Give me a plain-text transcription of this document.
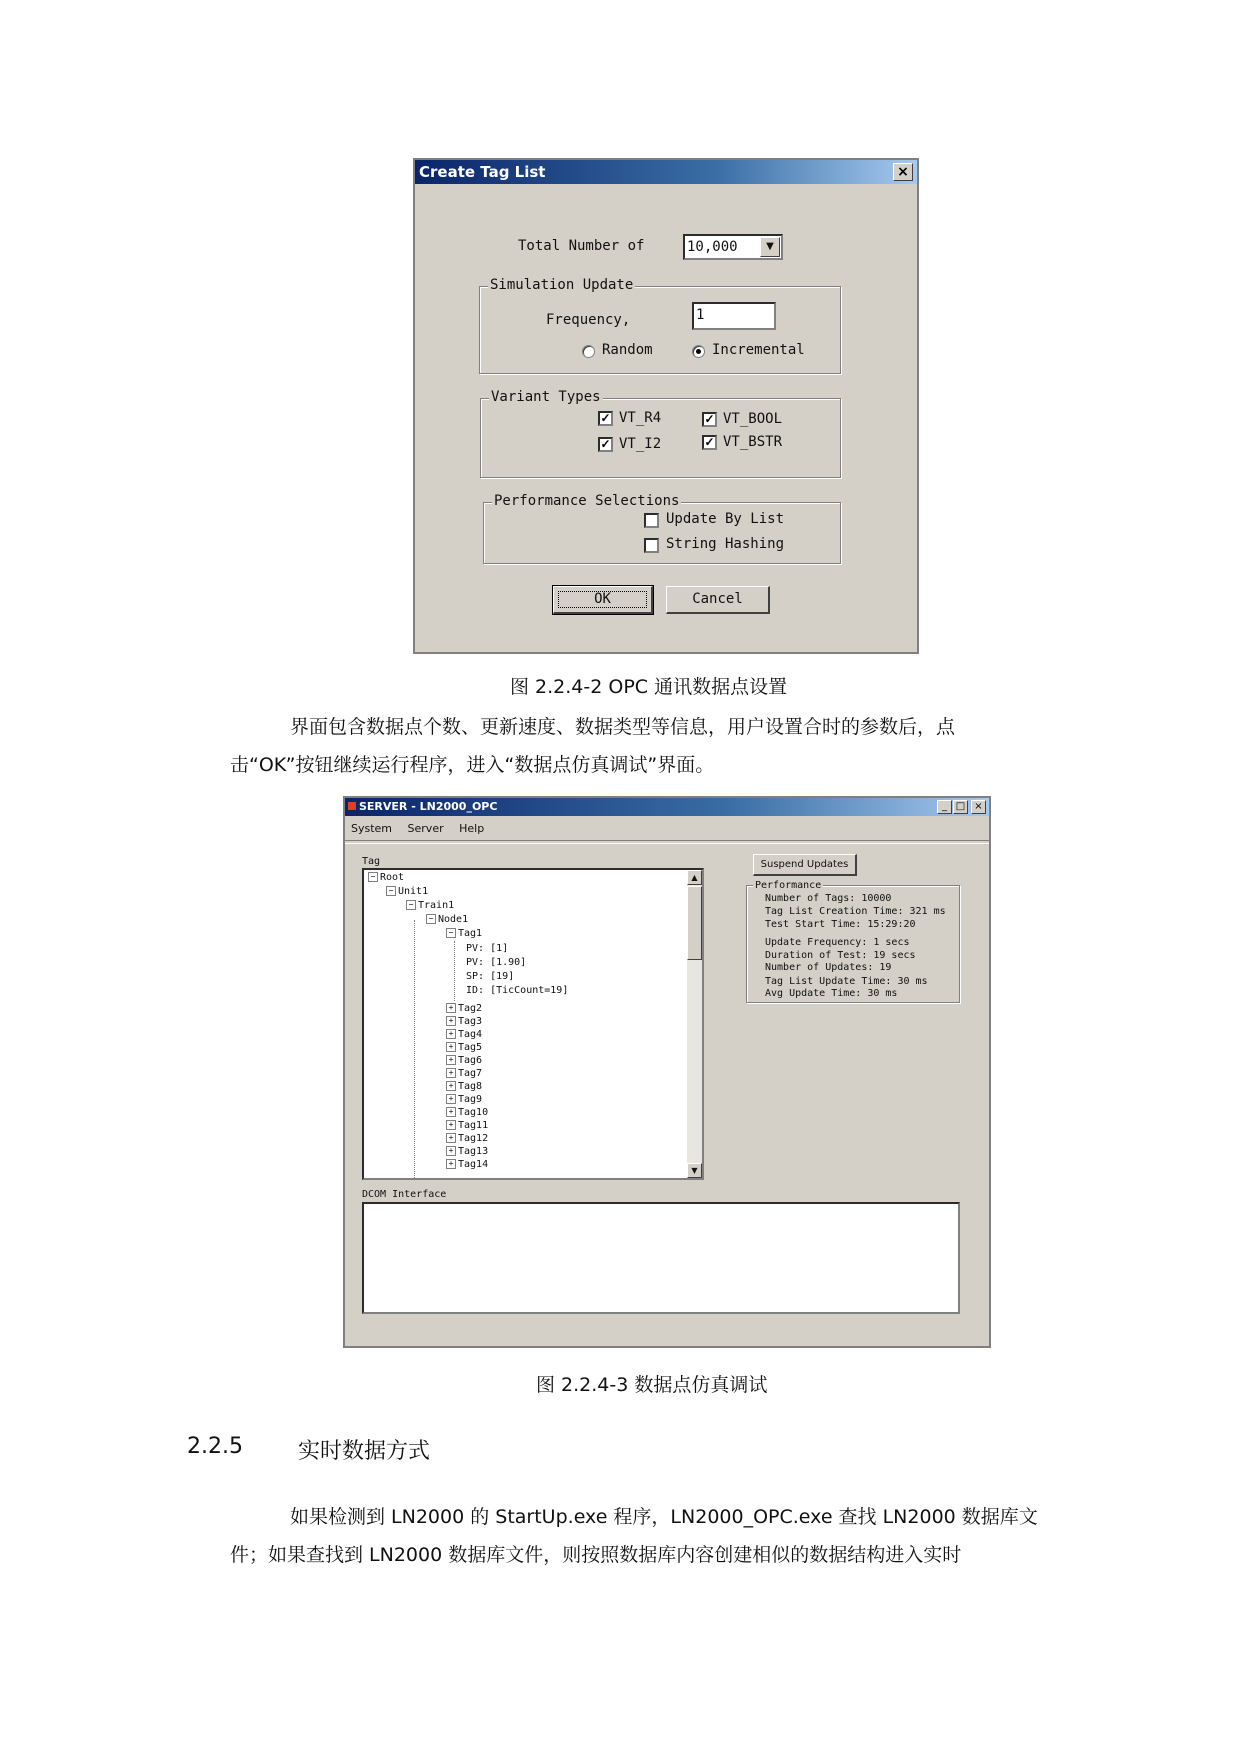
Create Tag List	×
Total Number of	10,000	▼
Simulation Update
Frequency,	1
Random	Incremental
Variant Types
✓ VT_R4	✓ VT_BOOL
✓ VT_I2	✓ VT_BSTR
Performance Selections
Update By List
String Hashing
OK	Cancel
图 2.2.4-2 OPC 通讯数据点设置
界面包含数据点个数、更新速度、数据类型等信息，用户设置合时的参数后，点
击“OK”按钮继续运行程序，进入“数据点仿真调试”界面。
SERVER - LN2000_OPC	_ □ ×
System Server Help
Tag
− Root
− Unit1
− Train1
− Node1
− Tag1
PV: [1]
PV: [1.90]
SP: [19]
ID: [TicCount=19]
+ Tag2
+ Tag3
+ Tag4
+ Tag5
+ Tag6
+ Tag7
+ Tag8
+ Tag9
+ Tag10
+ Tag11
+ Tag12
+ Tag13
+ Tag14
▲
▼
Suspend Updates
Performance
Number of Tags: 10000
Tag List Creation Time: 321 ms
Test Start Time: 15:29:20
Update Frequency: 1 secs
Duration of Test: 19 secs
Number of Updates: 19
Tag List Update Time: 30 ms
Avg Update Time: 30 ms
DCOM Interface
图 2.2.4-3 数据点仿真调试
2.2.5	实时数据方式
如果检测到 LN2000 的 StartUp.exe 程序，LN2000_OPC.exe 查找 LN2000 数据库文
件；如果查找到 LN2000 数据库文件，则按照数据库内容创建相似的数据结构进入实时
